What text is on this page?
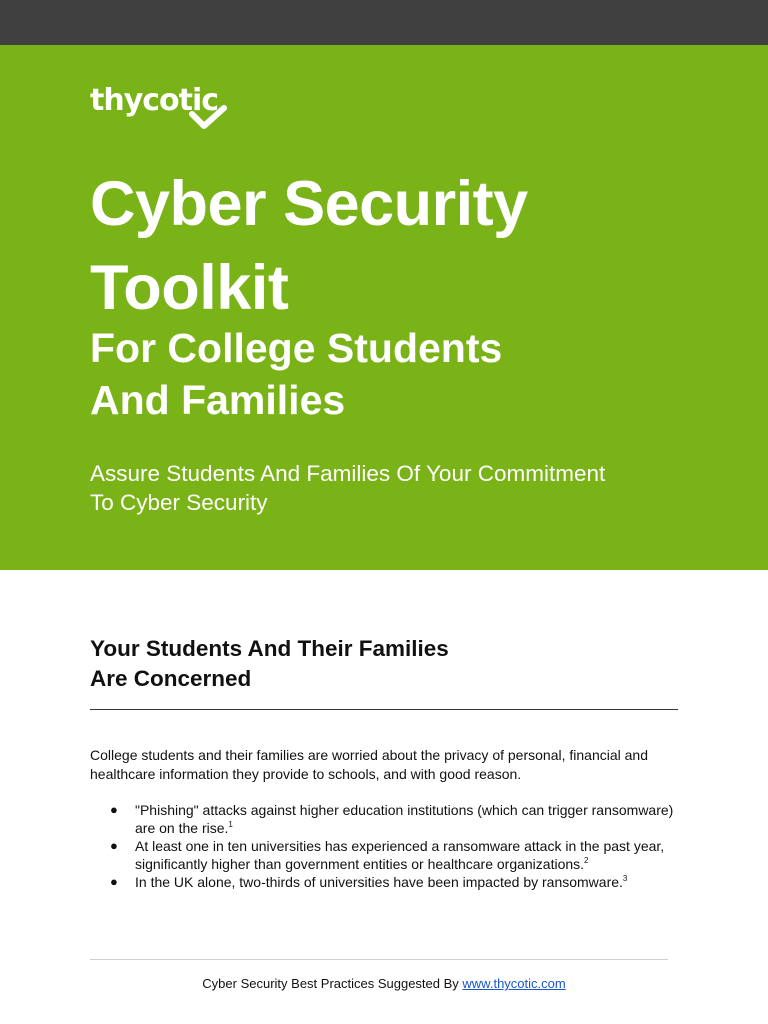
thycotic
Cyber Security
Toolkit
For College Students
And Families

Assure Students And Families Of Your Commitment
To Cyber Security

Your Students And Their Families
Are Concerned

College students and their families are worried about the privacy of personal, financial and healthcare information they provide to schools, and with good reason.

● "Phishing" attacks against higher education institutions (which can trigger ransomware) are on the rise.$^1$
● At least one in ten universities has experienced a ransomware attack in the past year, significantly higher than government entities or healthcare organizations.$^2$
● In the UK alone, two-thirds of universities have been impacted by ransomware.$^3$
Cyber Security Best Practices Suggested By www.thycotic.com
